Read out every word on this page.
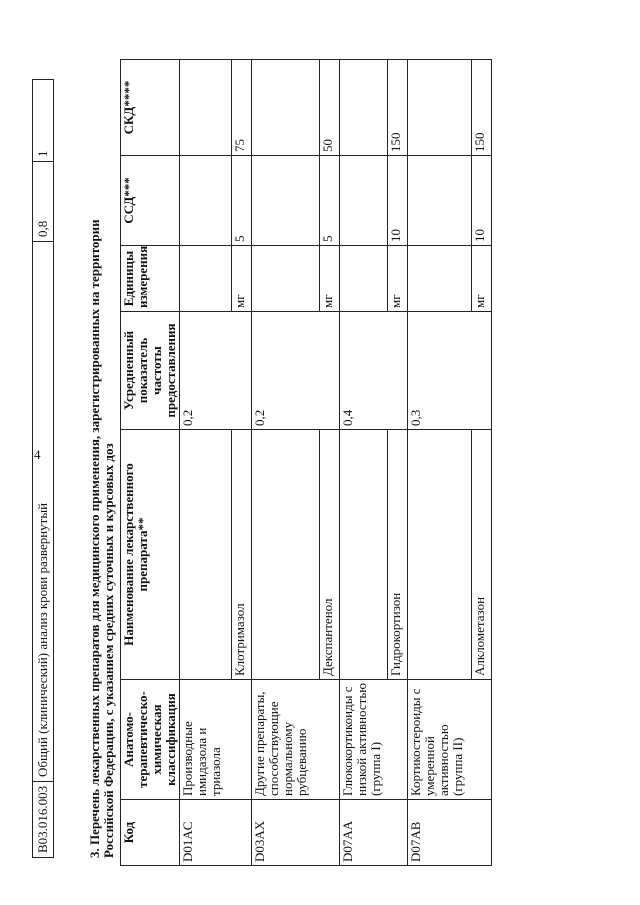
4
В03.016.003	Общий (клинический) анализ крови развернутый	0,8	1
3. Перечень лекарственных препаратов для медицинского применения, зарегистрированных на территории Российской Федерации, с указанием средних суточных и курсовых доз Код	Анатомо-терапевтическо-химическая классификация	Наименование лекарственного препарата**	Усредненный показатель частоты предоставления	Единицы измерения	ССД***	СКД****
D01AC	Производные имидазола и триазола		0,2			
		Клотримазол		мг	5	75
D03AX	Другие препараты, способствующие нормальному рубцеванию		0,2			
		Декспантенол		мг	5	50
D07AA	Глюкокортикоиды с низкой активностью (группа I)		0,4			
		Гидрокортизон		мг	10	150
D07AB	Кортикостероиды с умеренной активностью (группа II)		0,3			
		Алклометазон		мг	10	150
